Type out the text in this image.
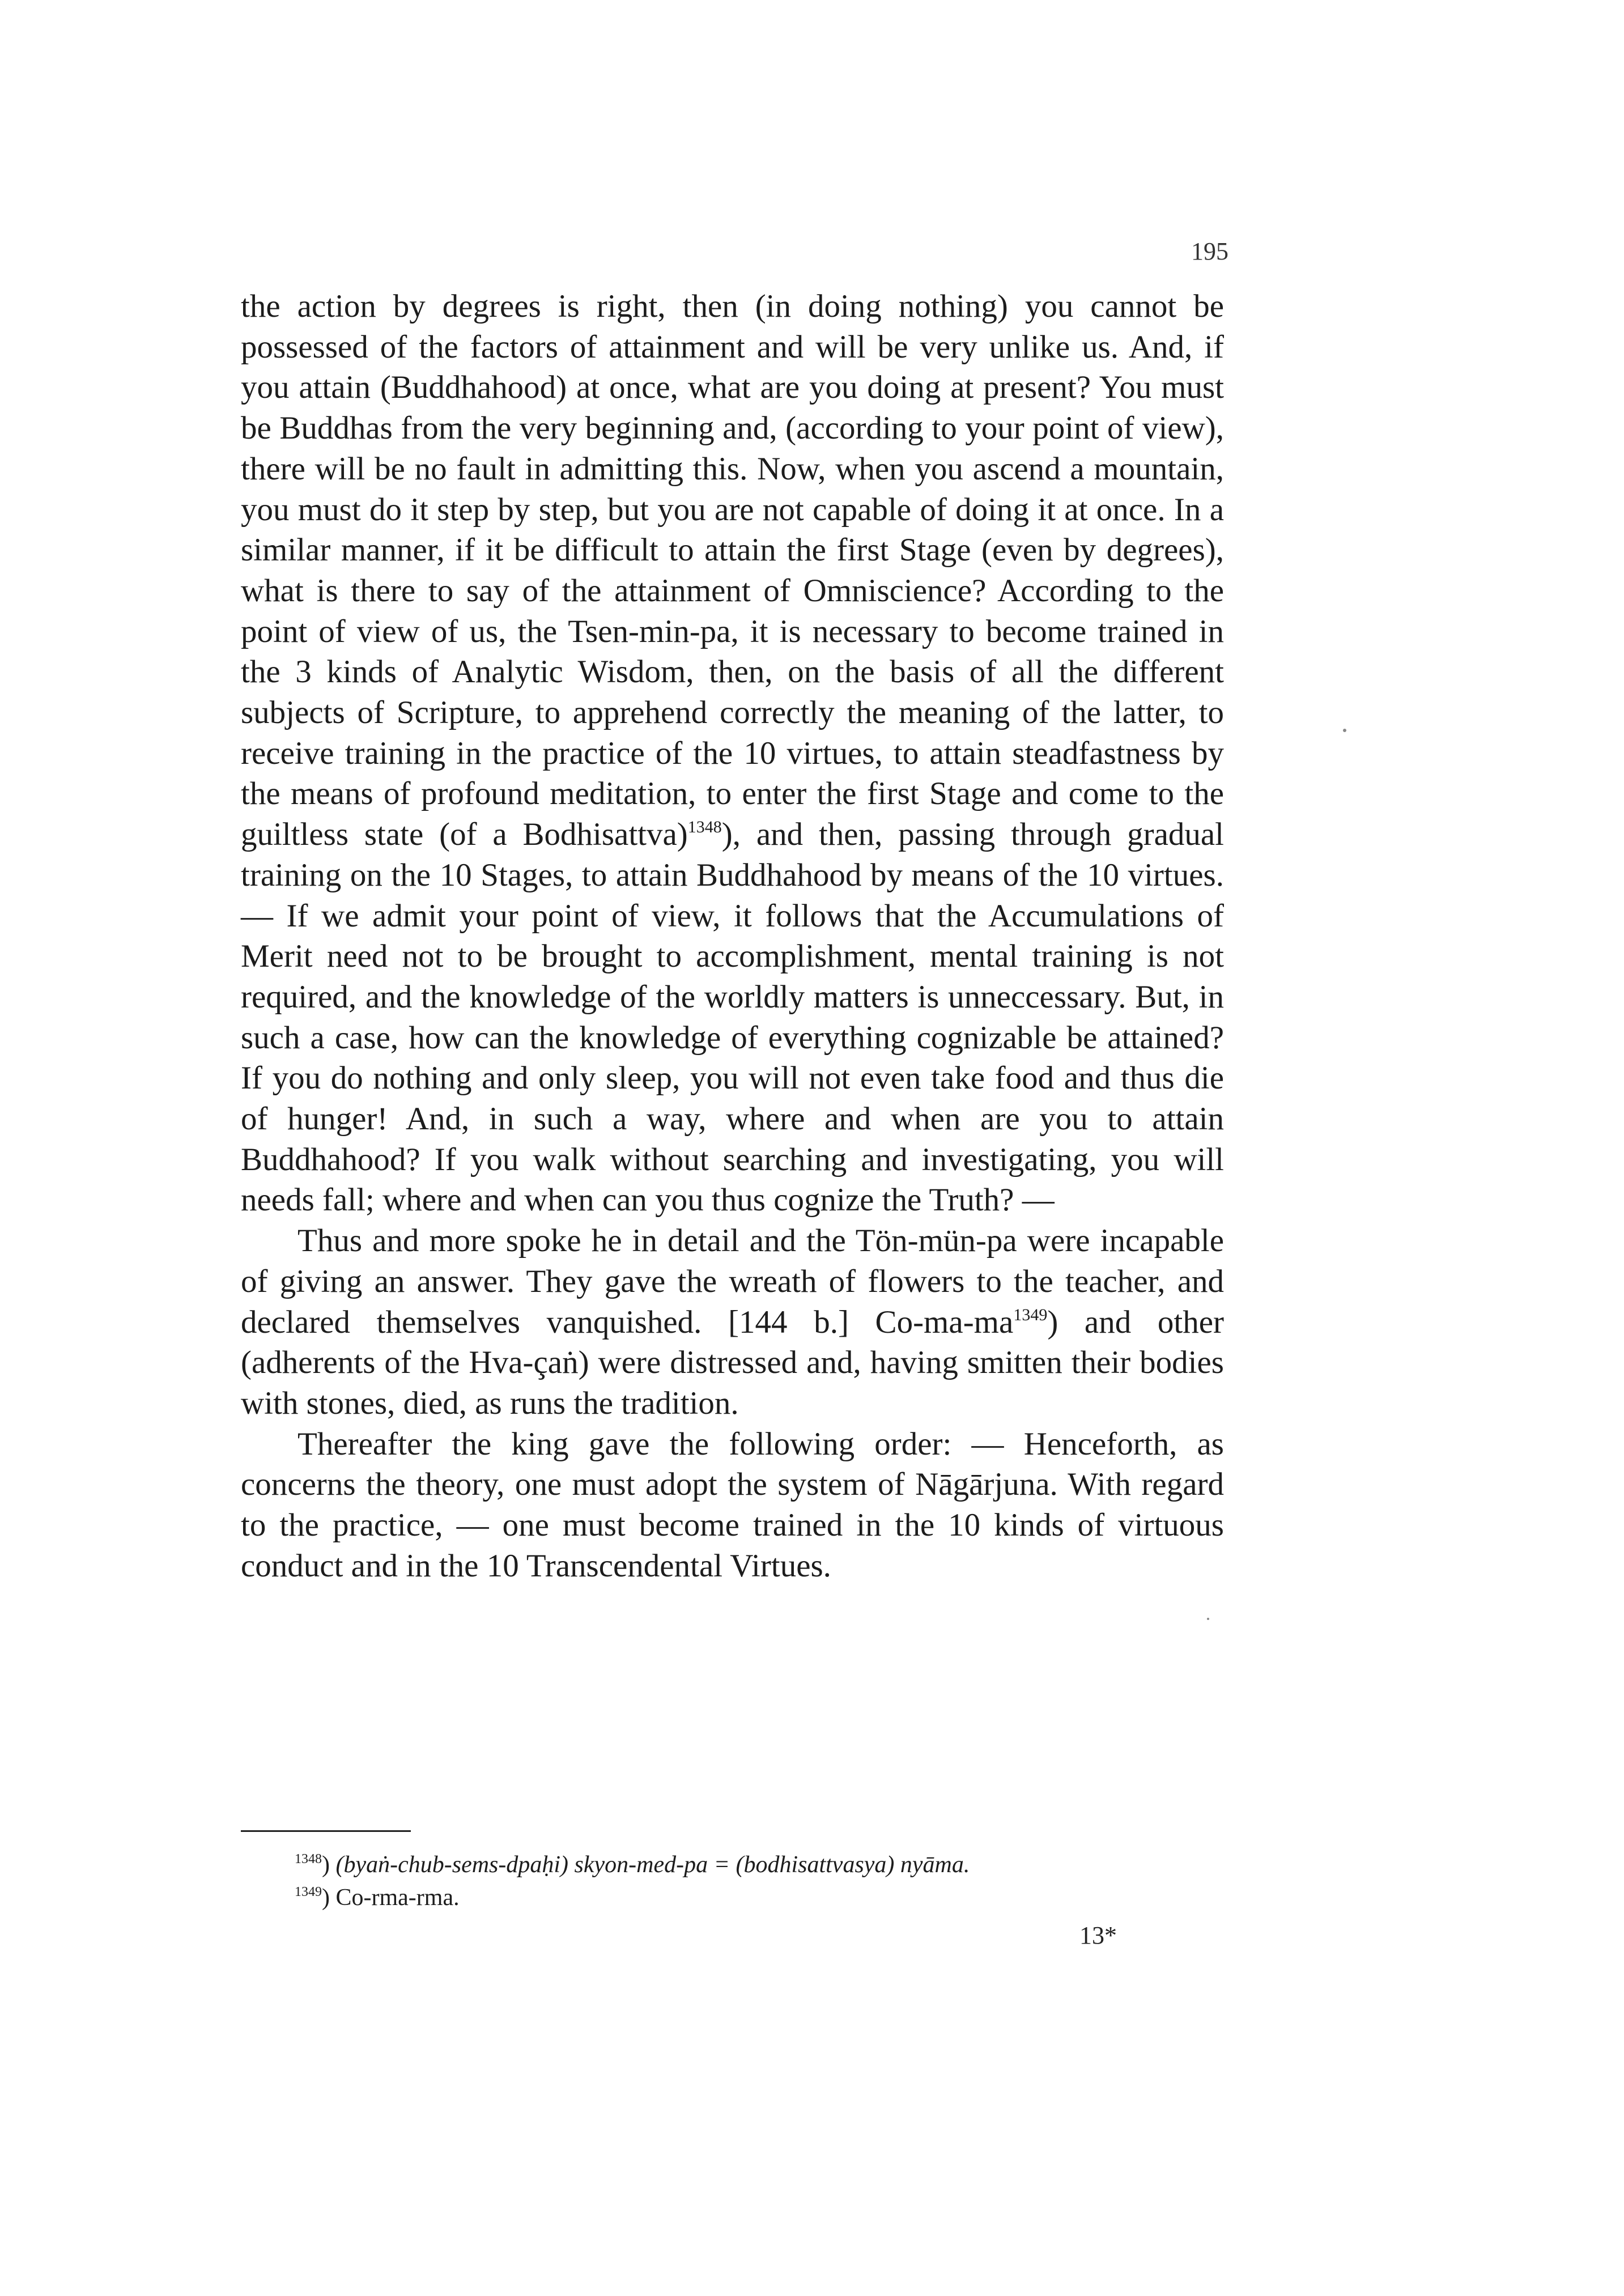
195

the action by degrees is right, then (in doing nothing) you cannot be possessed of the factors of attainment and will be very unlike us. And, if you attain (Buddhahood) at once, what are you doing at present? You must be Buddhas from the very beginning and, (according to your point of view), there will be no fault in admitting this. Now, when you ascend a mountain, you must do it step by step, but you are not capable of doing it at once. In a similar manner, if it be difficult to attain the first Stage (even by degrees), what is there to say of the attainment of Omniscience? According to the point of view of us, the Tsen-min-pa, it is necessary to become trained in the 3 kinds of Analytic Wisdom, then, on the basis of all the different subjects of Scripture, to apprehend correctly the meaning of the latter, to receive training in the practice of the 10 virtues, to attain steadfastness by the means of profound meditation, to enter the first Stage and come to the guiltless state (of a Bodhisattva)$^{1348}$), and then, passing through gradual training on the 10 Stages, to attain Buddhahood by means of the 10 virtues. — If we admit your point of view, it follows that the Accumulations of Merit need not to be brought to accomplishment, mental training is not required, and the knowledge of the worldly matters is unneccessary. But, in such a case, how can the knowledge of everything cognizable be attained? If you do nothing and only sleep, you will not even take food and thus die of hunger! And, in such a way, where and when are you to attain Buddhahood? If you walk without searching and investigating, you will needs fall; where and when can you thus cognize the Truth? —

Thus and more spoke he in detail and the Tön-mün-pa were incapable of giving an answer. They gave the wreath of flowers to the teacher, and declared themselves vanquished. [144 b.] Co-ma-ma$^{1349}$) and other (adherents of the Hva-çaṅ) were distressed and, having smitten their bodies with stones, died, as runs the tradition.

Thereafter the king gave the following order: — Henceforth, as concerns the theory, one must adopt the system of Nāgārjuna. With regard to the practice, — one must become trained in the 10 kinds of virtuous conduct and in the 10 Transcendental Virtues.

$^{1348}$) (byaṅ-chub-sems-dpaḥi) skyon-med-pa = (bodhisattvasya) nyāma.
$^{1349}$) Co-rma-rma.
13*
